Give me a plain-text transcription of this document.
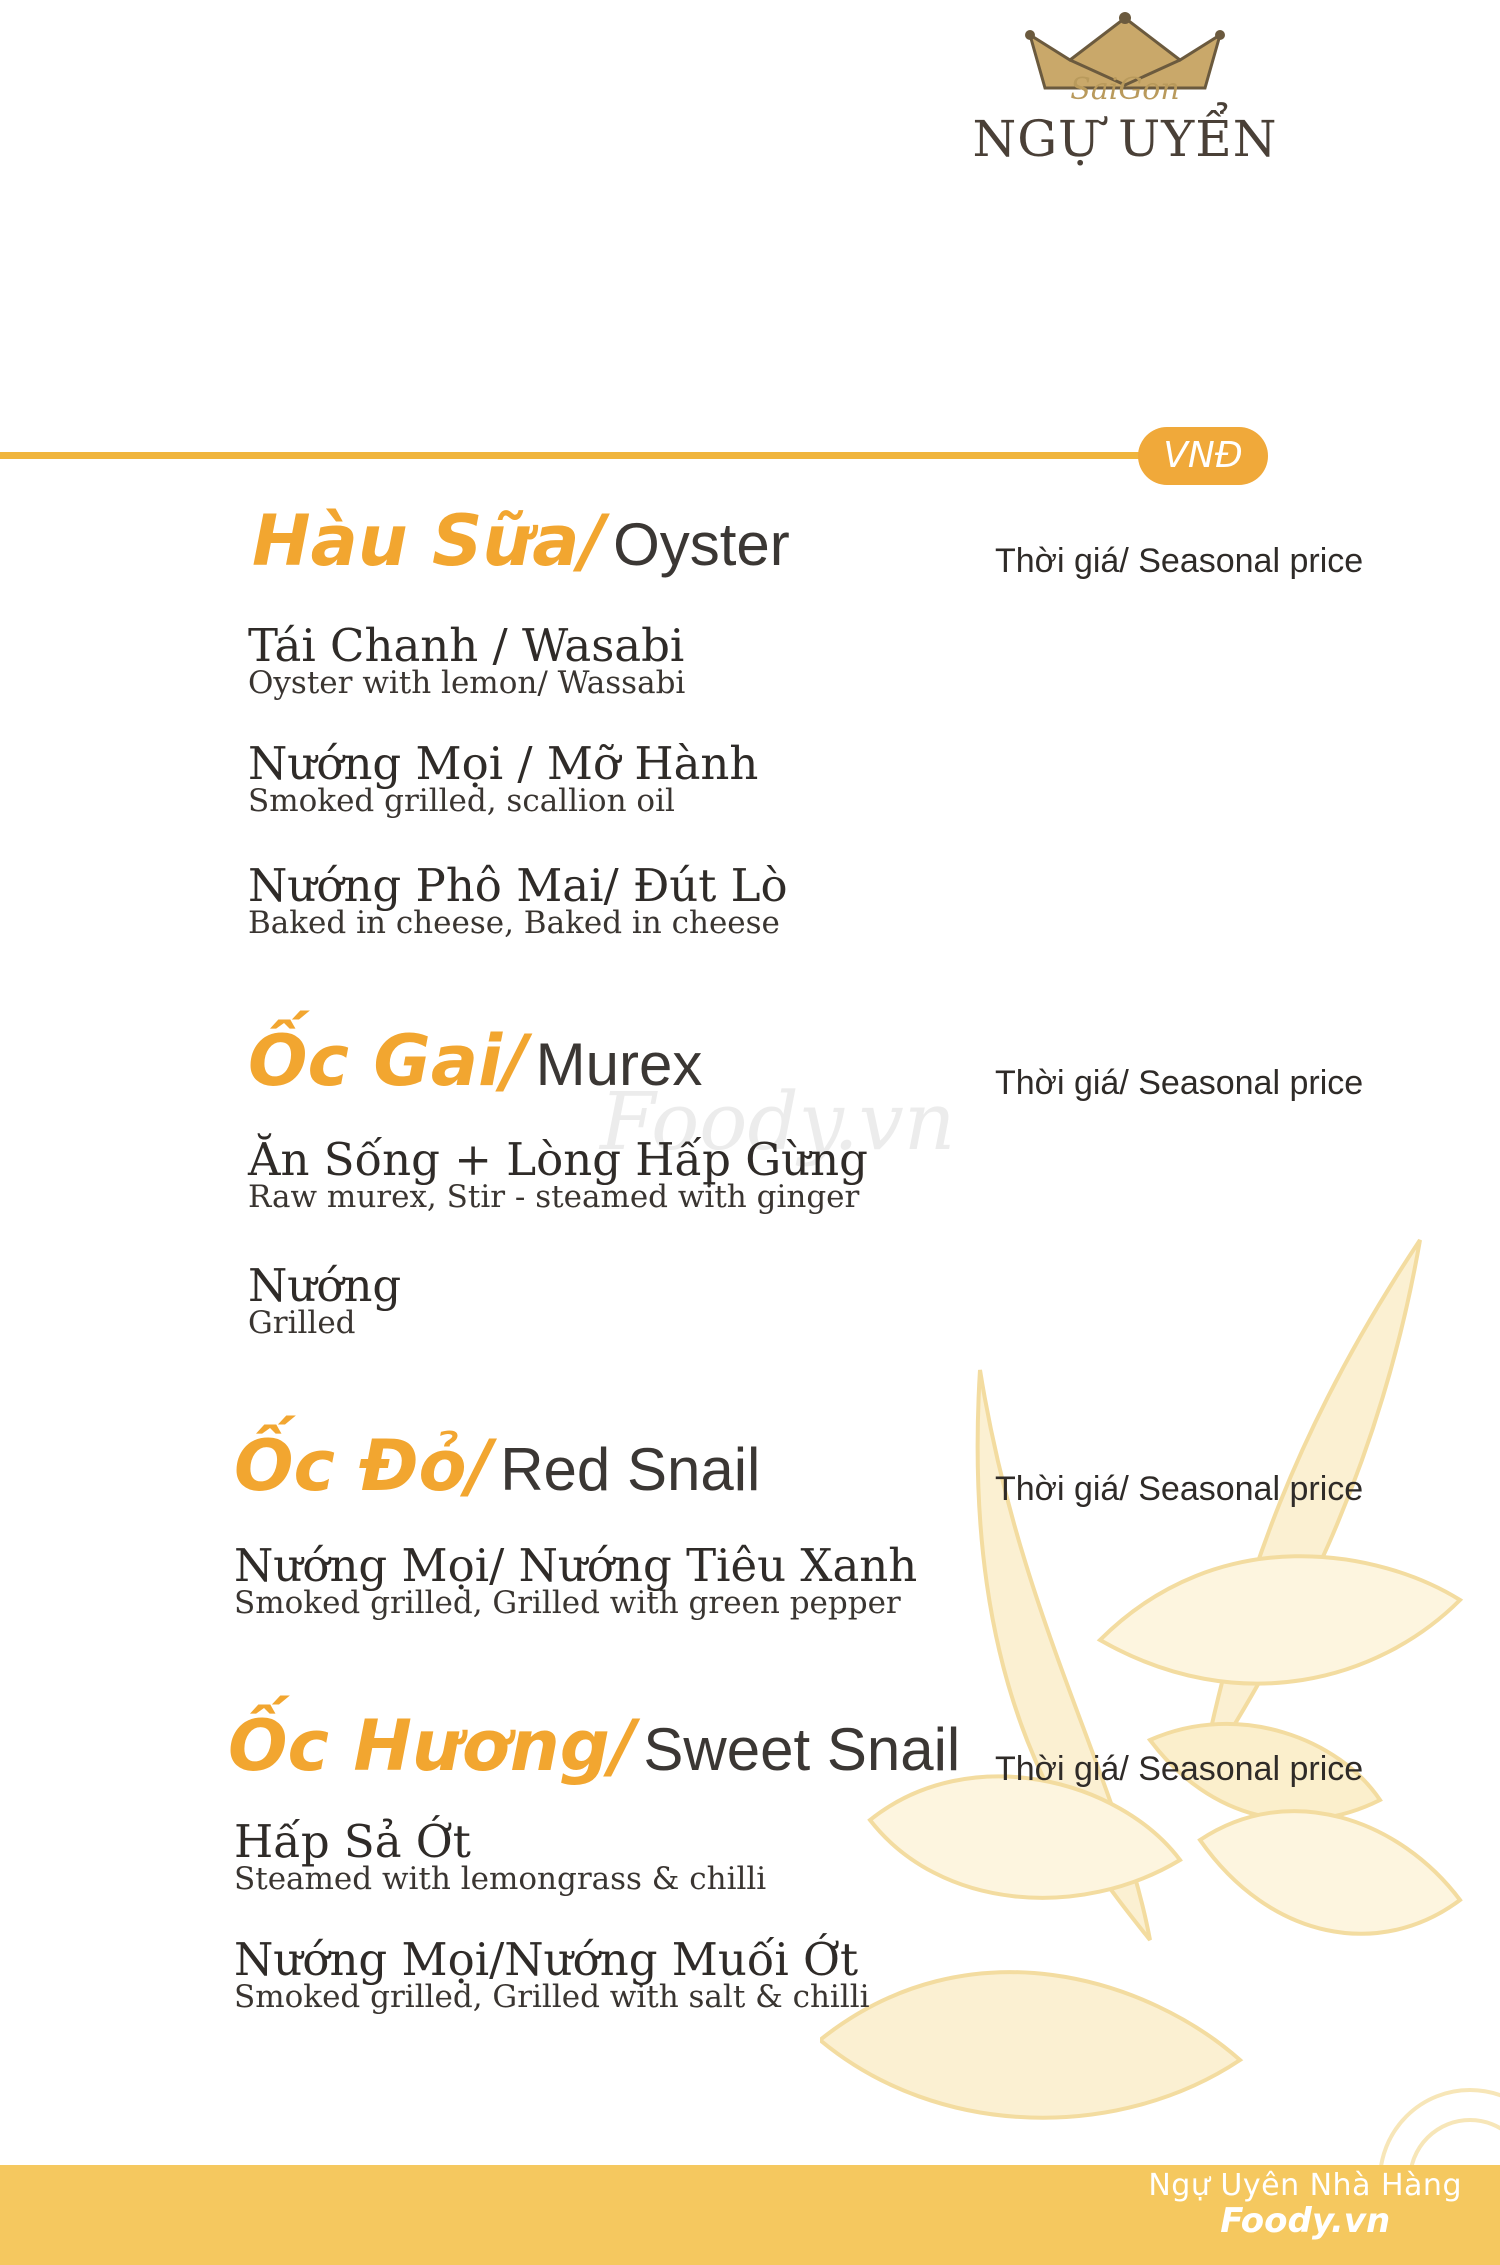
SaiGon
NGỰ UYỂN
VNĐ
Foody.vn
Hàu Sữa/ Oyster	Thời giá/ Seasonal price
Tái Chanh / Wasabi
Oyster with lemon/ Wassabi
Nướng Mọi / Mỡ Hành
Smoked grilled, scallion oil
Nướng Phô Mai/ Đút Lò
Baked in cheese, Baked in cheese
Ốc Gai/ Murex	Thời giá/ Seasonal price
Ăn Sống + Lòng Hấp Gừng
Raw murex, Stir - steamed with ginger
Nướng
Grilled
Ốc Đỏ/ Red Snail	Thời giá/ Seasonal price
Nướng Mọi/ Nướng Tiêu Xanh
Smoked grilled, Grilled with green pepper
Ốc Hương/ Sweet Snail Thời giá/ Seasonal price
Hấp Sả Ớt
Steamed with lemongrass & chilli
Nướng Mọi/Nướng Muối Ớt
Smoked grilled, Grilled with salt & chilli
Ngự Uyên Nhà Hàng
Foody.vn
